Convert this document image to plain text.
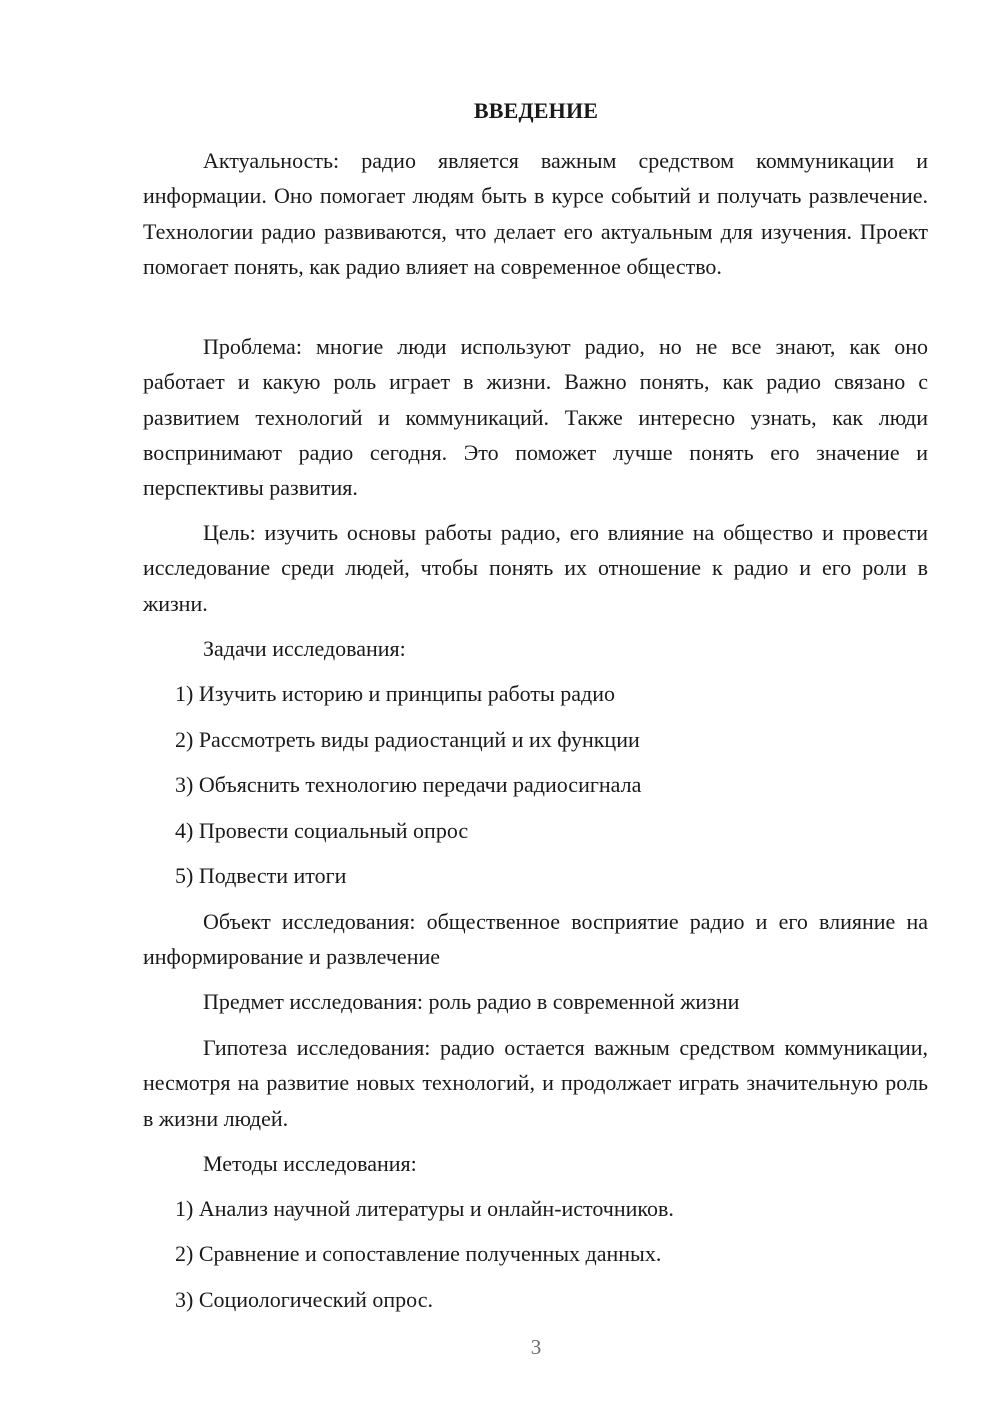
ВВЕДЕНИЕ

Актуальность: радио является важным средством коммуникации и информации. Оно помогает людям быть в курсе событий и получать развлечение. Технологии радио развиваются, что делает его актуальным для изучения. Проект помогает понять, как радио влияет на современное общество.

Проблема: многие люди используют радио, но не все знают, как оно работает и какую роль играет в жизни. Важно понять, как радио связано с развитием технологий и коммуникаций. Также интересно узнать, как люди воспринимают радио сегодня. Это поможет лучше понять его значение и перспективы развития.

Цель: изучить основы работы радио, его влияние на общество и провести исследование среди людей, чтобы понять их отношение к радио и его роли в жизни.

Задачи исследования:

1) Изучить историю и принципы работы радио

2) Рассмотреть виды радиостанций и их функции

3) Объяснить технологию передачи радиосигнала

4) Провести социальный опрос

5) Подвести итоги

Объект исследования: общественное восприятие радио и его влияние на информирование и развлечение

Предмет исследования: роль радио в современной жизни

Гипотеза исследования: радио остается важным средством коммуникации, несмотря на развитие новых технологий, и продолжает играть значительную роль в жизни людей.

Методы исследования:

1) Анализ научной литературы и онлайн-источников.

2) Сравнение и сопоставление полученных данных.

3) Социологический опрос.

3
